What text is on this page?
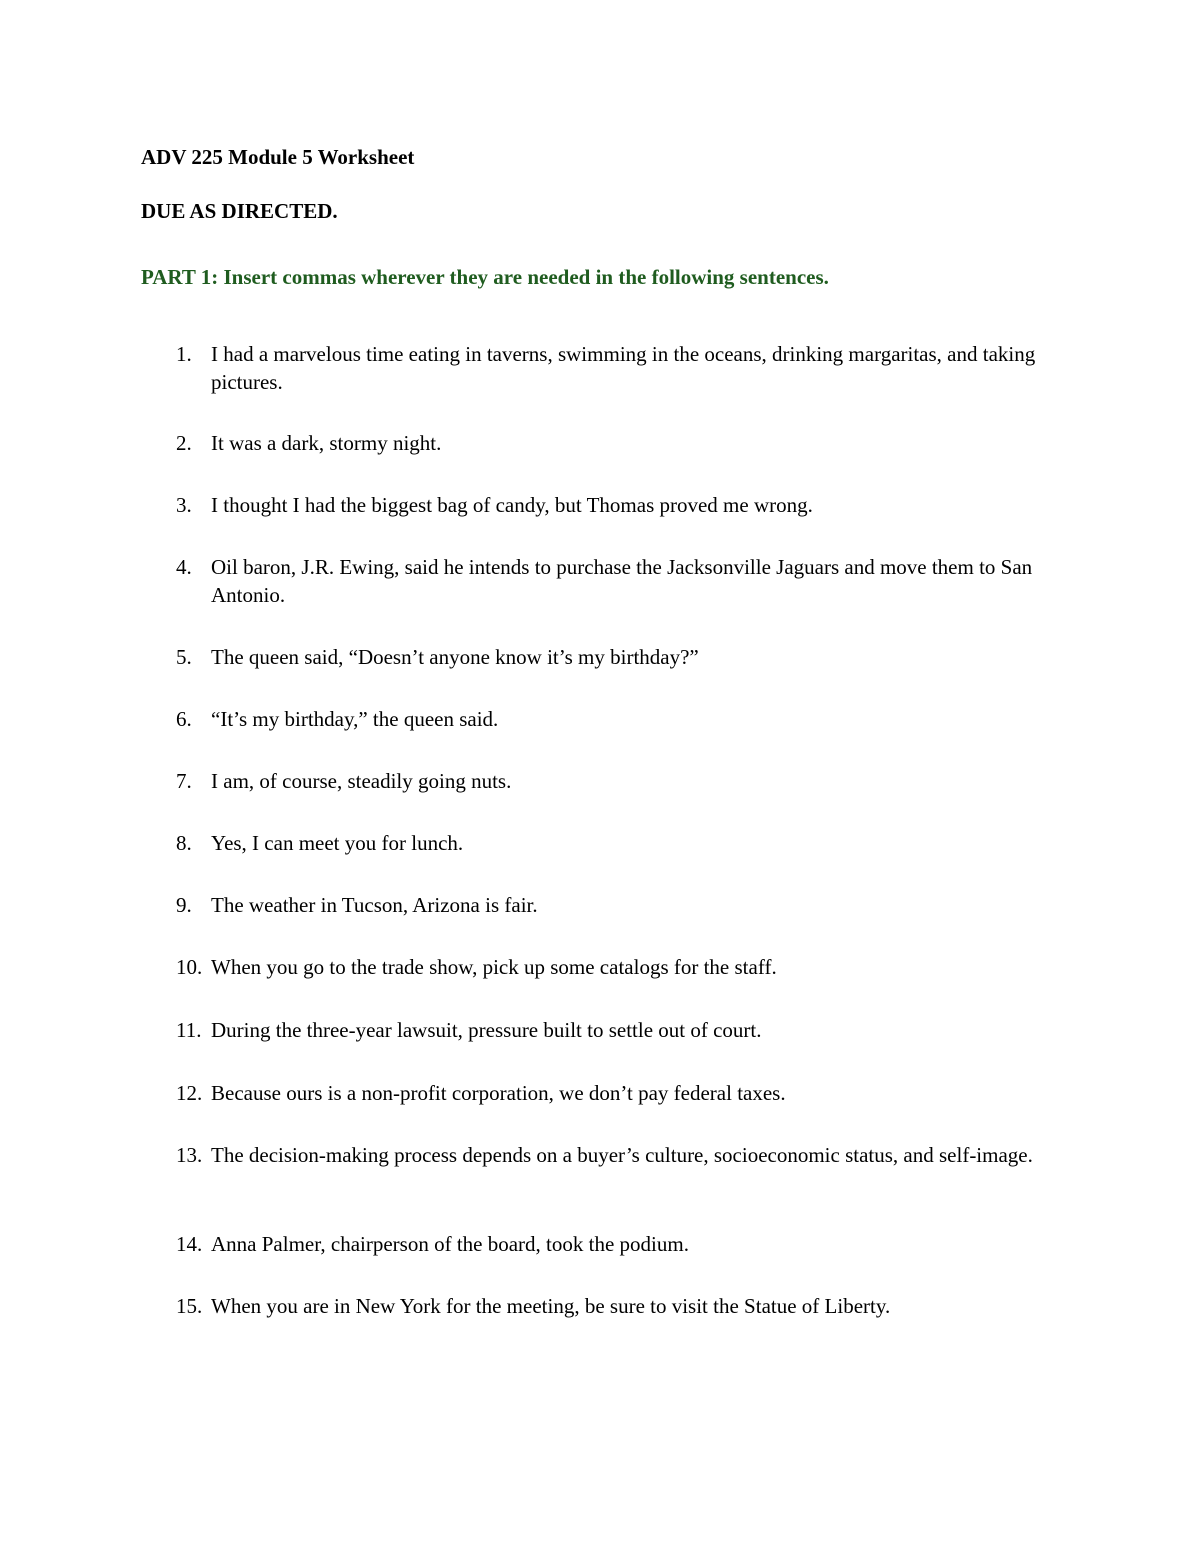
ADV 225 Module 5 Worksheet
DUE AS DIRECTED.
PART 1: Insert commas wherever they are needed in the following sentences.
1. I had a marvelous time eating in taverns, swimming in the oceans, drinking margaritas, and taking pictures.
2. It was a dark, stormy night.
3. I thought I had the biggest bag of candy, but Thomas proved me wrong.
4. Oil baron, J.R. Ewing, said he intends to purchase the Jacksonville Jaguars and move them to San Antonio.
5. The queen said, “Doesn’t anyone know it’s my birthday?”
6. “It’s my birthday,” the queen said.
7. I am, of course, steadily going nuts.
8. Yes, I can meet you for lunch.
9. The weather in Tucson, Arizona is fair.
10. When you go to the trade show, pick up some catalogs for the staff.
11. During the three-year lawsuit, pressure built to settle out of court.
12. Because ours is a non-profit corporation, we don’t pay federal taxes.
13. The decision-making process depends on a buyer’s culture, socioeconomic status, and self-image.
14. Anna Palmer, chairperson of the board, took the podium.
15. When you are in New York for the meeting, be sure to visit the Statue of Liberty.
